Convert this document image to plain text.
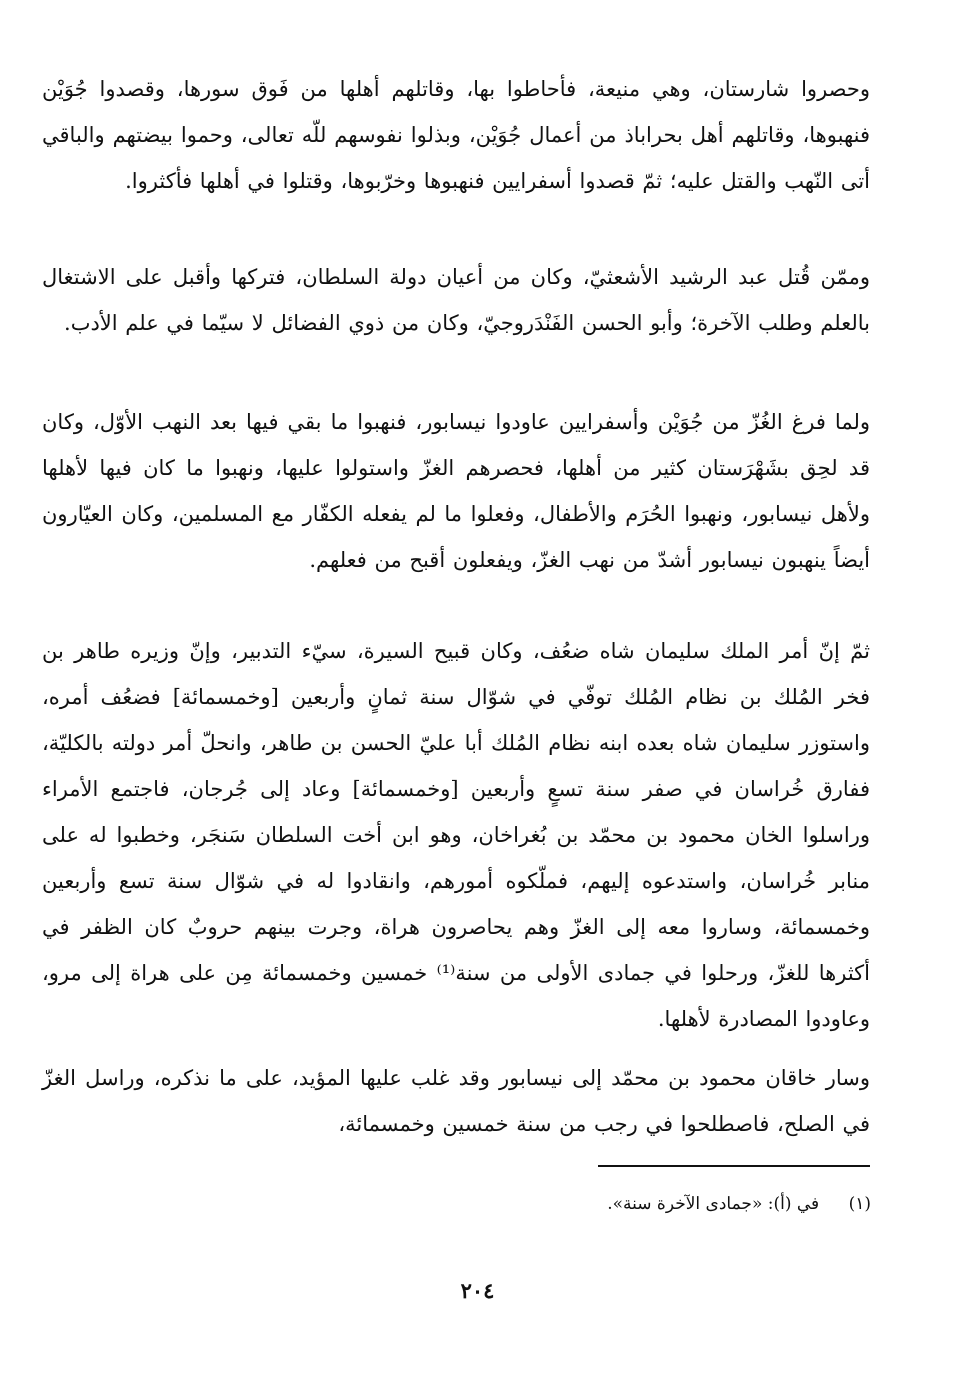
وحصروا شارستان، وهي منيعة، فأحاطوا بها، وقاتلهم أهلها من فَوق سورها، وقصدوا جُوَيْن فنهبوها، وقاتلهم أهل بحراباذ من أعمال جُوَيْن، وبذلوا نفوسهم للّه تعالى، وحموا بيضتهم والباقي أتى النّهب والقتل عليه؛ ثمّ قصدوا أسفرايين فنهبوها وخرّبوها، وقتلوا في أهلها فأكثروا.

وممّن قُتل عبد الرشيد الأشعثيّ، وكان من أعيان دولة السلطان، فتركها وأقبل على الاشتغال بالعلم وطلب الآخرة؛ وأبو الحسن الفَنْدَروجيّ، وكان من ذوي الفضائل لا سيّما في علم الأدب.

ولما فرغ الغُزّ من جُوَيْن وأسفرايين عاودوا نيسابور، فنهبوا ما بقي فيها بعد النهب الأوّل، وكان قد لحِق بشَهْرَستان كثير من أهلها، فحصرهم الغزّ واستولوا عليها، ونهبوا ما كان فيها لأهلها ولأهل نيسابور، ونهبوا الحُرَم والأطفال، وفعلوا ما لم يفعله الكفّار مع المسلمين، وكان العيّارون أيضاً ينهبون نيسابور أشدّ من نهب الغزّ، ويفعلون أقبح من فعلهم.

ثمّ إنّ أمر الملك سليمان شاه ضعُف، وكان قبيح السيرة، سيّء التدبير، وإنّ وزيره طاهر بن فخر المُلك بن نظام المُلك توفّي في شوّال سنة ثمانٍ وأربعين [وخمسمائة] فضعُف أمره، واستوزر سليمان شاه بعده ابنه نظام المُلك أبا عليّ الحسن بن طاهر، وانحلّ أمر دولته بالكليّة، ففارق خُراسان في صفر سنة تسعٍ وأربعين [وخمسمائة] وعاد إلى جُرجان، فاجتمع الأمراء وراسلوا الخان محمود بن محمّد بن بُغراخان، وهو ابن أخت السلطان سَنجَر، وخطبوا له على منابر خُراسان، واستدعوه إليهم، فملّكوه أمورهم، وانقادوا له في شوّال سنة تسع وأربعين وخمسمائة، وساروا معه إلى الغزّ وهم يحاصرون هراة، وجرت بينهم حروبٌ كان الظفر في أكثرها للغزّ، ورحلوا في جمادى الأولى من سنة⁽¹⁾ خمسين وخمسمائة مِن على هراة إلى مرو، وعاودوا المصادرة لأهلها.

وسار خاقان محمود بن محمّد إلى نيسابور وقد غلب عليها المؤيد، على ما نذكره، وراسل الغزّ في الصلح، فاصطلحوا في رجب من سنة خمسين وخمسمائة،

(١) في (أ): «جمادى الآخرة سنة».
٢٠٤
